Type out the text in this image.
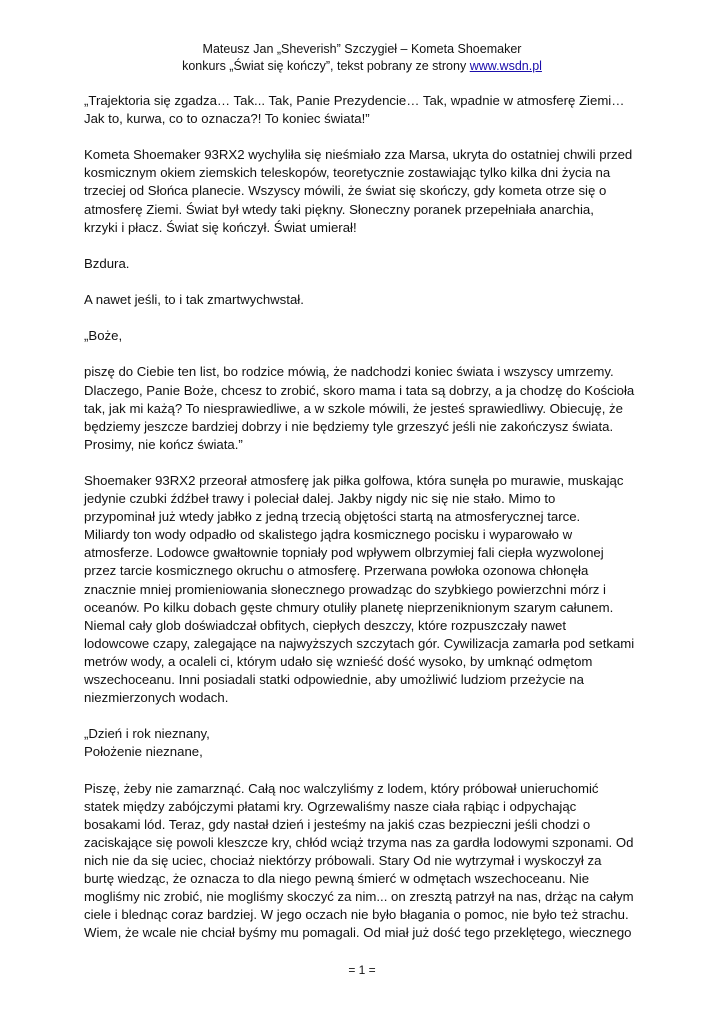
Mateusz Jan „Sheverish” Szczygieł – Kometa Shoemaker
konkurs „Świat się kończy”, tekst pobrany ze strony www.wsdn.pl

„Trajektoria się zgadza… Tak... Tak, Panie Prezydencie… Tak, wpadnie w atmosferę Ziemi…
Jak to, kurwa, co to oznacza?! To koniec świata!”

Kometa Shoemaker 93RX2 wychyliła się nieśmiało zza Marsa, ukryta do ostatniej chwili przed
kosmicznym okiem ziemskich teleskopów, teoretycznie zostawiając tylko kilka dni życia na
trzeciej od Słońca planecie. Wszyscy mówili, że świat się skończy, gdy kometa otrze się o
atmosferę Ziemi. Świat był wtedy taki piękny. Słoneczny poranek przepełniała anarchia,
krzyki i płacz. Świat się kończył. Świat umierał!

Bzdura.

A nawet jeśli, to i tak zmartwychwstał.

„Boże,

piszę do Ciebie ten list, bo rodzice mówią, że nadchodzi koniec świata i wszyscy umrzemy.
Dlaczego, Panie Boże, chcesz to zrobić, skoro mama i tata są dobrzy, a ja chodzę do Kościoła
tak, jak mi każą? To niesprawiedliwe, a w szkole mówili, że jesteś sprawiedliwy. Obiecuję, że
będziemy jeszcze bardziej dobrzy i nie będziemy tyle grzeszyć jeśli nie zakończysz świata.
Prosimy, nie kończ świata.”

Shoemaker 93RX2 przeorał atmosferę jak piłka golfowa, która sunęła po murawie, muskając
jedynie czubki źdźbeł trawy i poleciał dalej. Jakby nigdy nic się nie stało. Mimo to
przypominał już wtedy jabłko z jedną trzecią objętości startą na atmosferycznej tarce.
Miliardy ton wody odpadło od skalistego jądra kosmicznego pocisku i wyparowało w
atmosferze. Lodowce gwałtownie topniały pod wpływem olbrzymiej fali ciepła wyzwolonej
przez tarcie kosmicznego okruchu o atmosferę. Przerwana powłoka ozonowa chłonęła
znacznie mniej promieniowania słonecznego prowadząc do szybkiego powierzchni mórz i
oceanów. Po kilku dobach gęste chmury otuliły planetę nieprzeniknionym szarym całunem.
Niemal cały glob doświadczał obfitych, ciepłych deszczy, które rozpuszczały nawet
lodowcowe czapy, zalegające na najwyższych szczytach gór. Cywilizacja zamarła pod setkami
metrów wody, a ocaleli ci, którym udało się wznieść dość wysoko, by umknąć odmętom
wszechoceanu. Inni posiadali statki odpowiednie, aby umożliwić ludziom przeżycie na
niezmierzonych wodach.

„Dzień i rok nieznany,
Położenie nieznane,

Piszę, żeby nie zamarznąć. Całą noc walczyliśmy z lodem, który próbował unieruchomić
statek między zabójczymi płatami kry. Ogrzewaliśmy nasze ciała rąbiąc i odpychając
bosakami lód. Teraz, gdy nastał dzień i jesteśmy na jakiś czas bezpieczni jeśli chodzi o
zaciskające się powoli kleszcze kry, chłód wciąż trzyma nas za gardła lodowymi szponami. Od
nich nie da się uciec, chociaż niektórzy próbowali. Stary Od nie wytrzymał i wyskoczył za
burtę wiedząc, że oznacza to dla niego pewną śmierć w odmętach wszechoceanu. Nie
mogliśmy nic zrobić, nie mogliśmy skoczyć za nim... on zresztą patrzył na nas, drżąc na całym
ciele i blednąc coraz bardziej. W jego oczach nie było błagania o pomoc, nie było też strachu.
Wiem, że wcale nie chciał byśmy mu pomagali. Od miał już dość tego przeklętego, wiecznego

= 1 =
